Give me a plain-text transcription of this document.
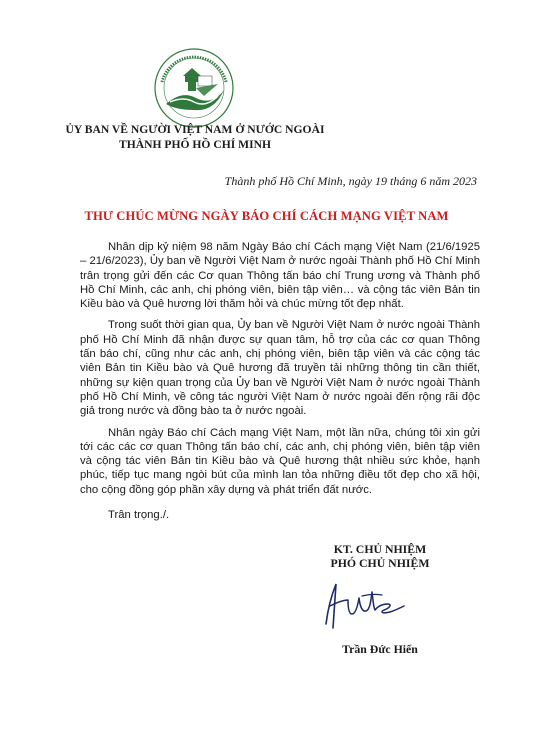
ỦY BAN VỀ NGƯỜI VIỆT NAM Ở NƯỚC NGOÀI
THÀNH PHỐ HỒ CHÍ MINH
Thành phố Hồ Chí Minh, ngày 19 tháng 6 năm 2023
THƯ CHÚC MỪNG NGÀY BÁO CHÍ CÁCH MẠNG VIỆT NAM

Nhân dịp kỷ niệm 98 năm Ngày Báo chí Cách mạng Việt Nam (21/6/1925 – 21/6/2023), Ủy ban về Người Việt Nam ở nước ngoài Thành phố Hồ Chí Minh trân trọng gửi đến các Cơ quan Thông tấn báo chí Trung ương và Thành phố Hồ Chí Minh, các anh, chị phóng viên, biên tập viên… và cộng tác viên Bản tin Kiều bào và Quê hương lời thăm hỏi và chúc mừng tốt đẹp nhất.

Trong suốt thời gian qua, Ủy ban về Người Việt Nam ở nước ngoài Thành phố Hồ Chí Minh đã nhận được sự quan tâm, hỗ trợ của các cơ quan Thông tấn báo chí, cũng như các anh, chị phóng viên, biên tập viên và các cộng tác viên Bản tin Kiều bào và Quê hương đã truyền tải những thông tin cần thiết, những sự kiện quan trọng của Ủy ban về Người Việt Nam ở nước ngoài Thành phố Hồ Chí Minh, về công tác người Việt Nam ở nước ngoài đến rộng rãi độc giả trong nước và đồng bào ta ở nước ngoài.

Nhân ngày Báo chí Cách mạng Việt Nam, một lần nữa, chúng tôi xin gửi tới các các cơ quan Thông tấn báo chí, các anh, chị phóng viên, biên tập viên và cộng tác viên Bản tin Kiều bào và Quê hương thật nhiều sức khỏe, hạnh phúc, tiếp tục mang ngòi bút của mình lan tỏa những điều tốt đẹp cho xã hội, cho cộng đồng góp phần xây dựng và phát triển đất nước.

Trân trọng./.
KT. CHỦ NHIỆM
PHÓ CHỦ NHIỆM
Trần Đức Hiển
